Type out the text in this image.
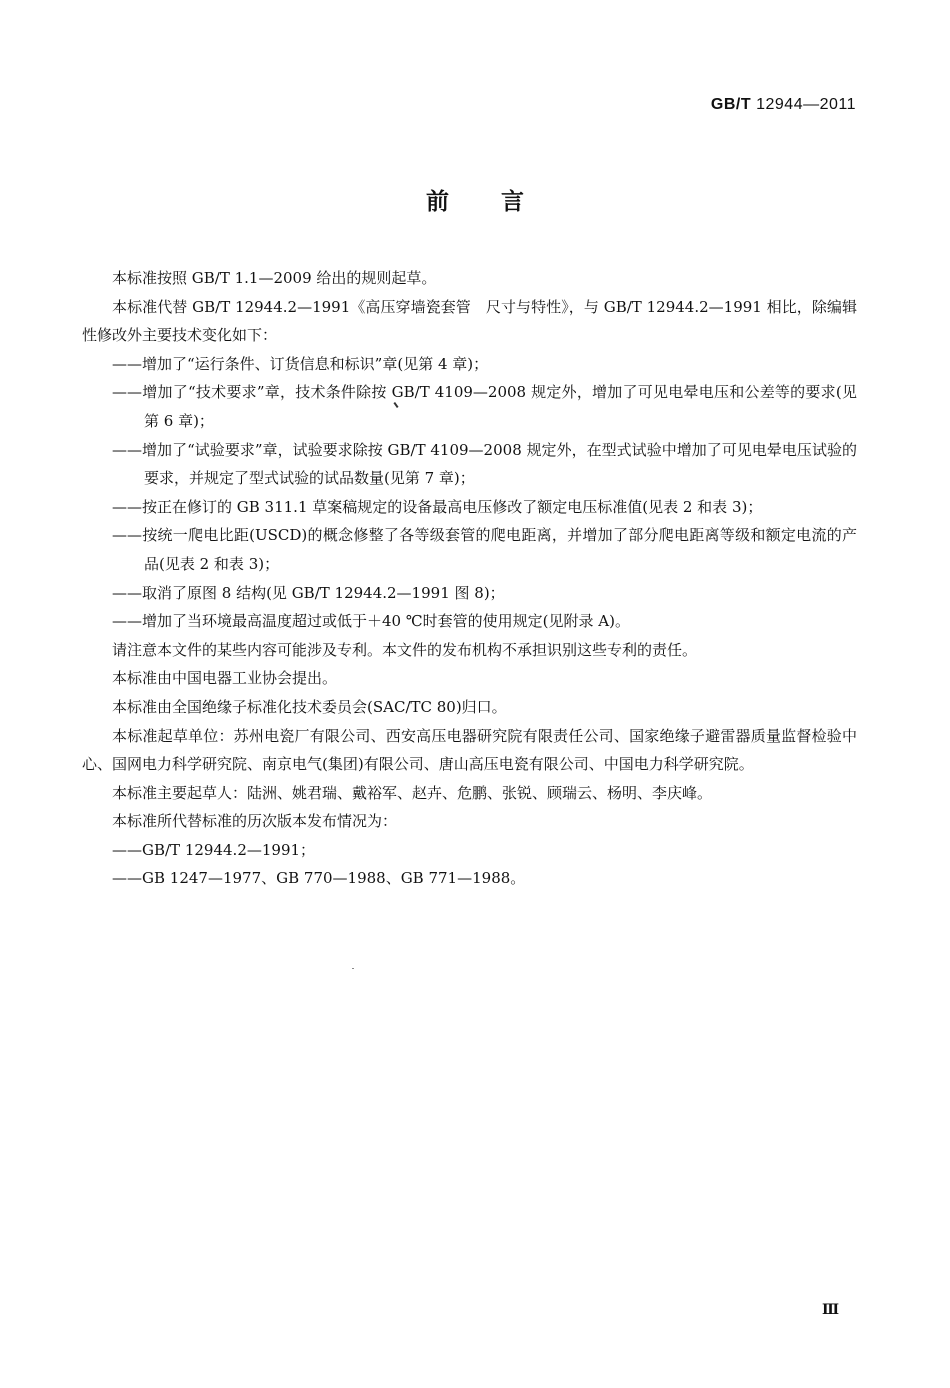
GB/T 12944—2011
前言

本标准按照 GB/T 1.1—2009 给出的规则起草。

本标准代替 GB/T 12944.2—1991《高压穿墙瓷套管　尺寸与特性》，与 GB/T 12944.2—1991 相比，除编辑性修改外主要技术变化如下：

——增加了“运行条件、订货信息和标识”章(见第 4 章)；

——增加了“技术要求”章，技术条件除按 GB/T 4109—2008 规定外，增加了可见电晕电压和公差等的要求(见第 6 章)；

——增加了“试验要求”章，试验要求除按 GB/T 4109—2008 规定外，在型式试验中增加了可见电晕电压试验的要求，并规定了型式试验的试品数量(见第 7 章)；

——按正在修订的 GB 311.1 草案稿规定的设备最高电压修改了额定电压标准值(见表 2 和表 3)；

——按统一爬电比距(USCD)的概念修整了各等级套管的爬电距离，并增加了部分爬电距离等级和额定电流的产品(见表 2 和表 3)；

——取消了原图 8 结构(见 GB/T 12944.2—1991 图 8)；

——增加了当环境最高温度超过或低于＋40 ℃时套管的使用规定(见附录 A)。

请注意本文件的某些内容可能涉及专利。本文件的发布机构不承担识别这些专利的责任。

本标准由中国电器工业协会提出。

本标准由全国绝缘子标准化技术委员会(SAC/TC 80)归口。

本标准起草单位：苏州电瓷厂有限公司、西安高压电器研究院有限责任公司、国家绝缘子避雷器质量监督检验中心、国网电力科学研究院、南京电气(集团)有限公司、唐山高压电瓷有限公司、中国电力科学研究院。

本标准主要起草人：陆洲、姚君瑞、戴裕军、赵卉、危鹏、张锐、顾瑞云、杨明、李庆峰。

本标准所代替标准的历次版本发布情况为：

——GB/T 12944.2—1991；

——GB 1247—1977、GB 770—1988、GB 771—1988。

Ⅲ
